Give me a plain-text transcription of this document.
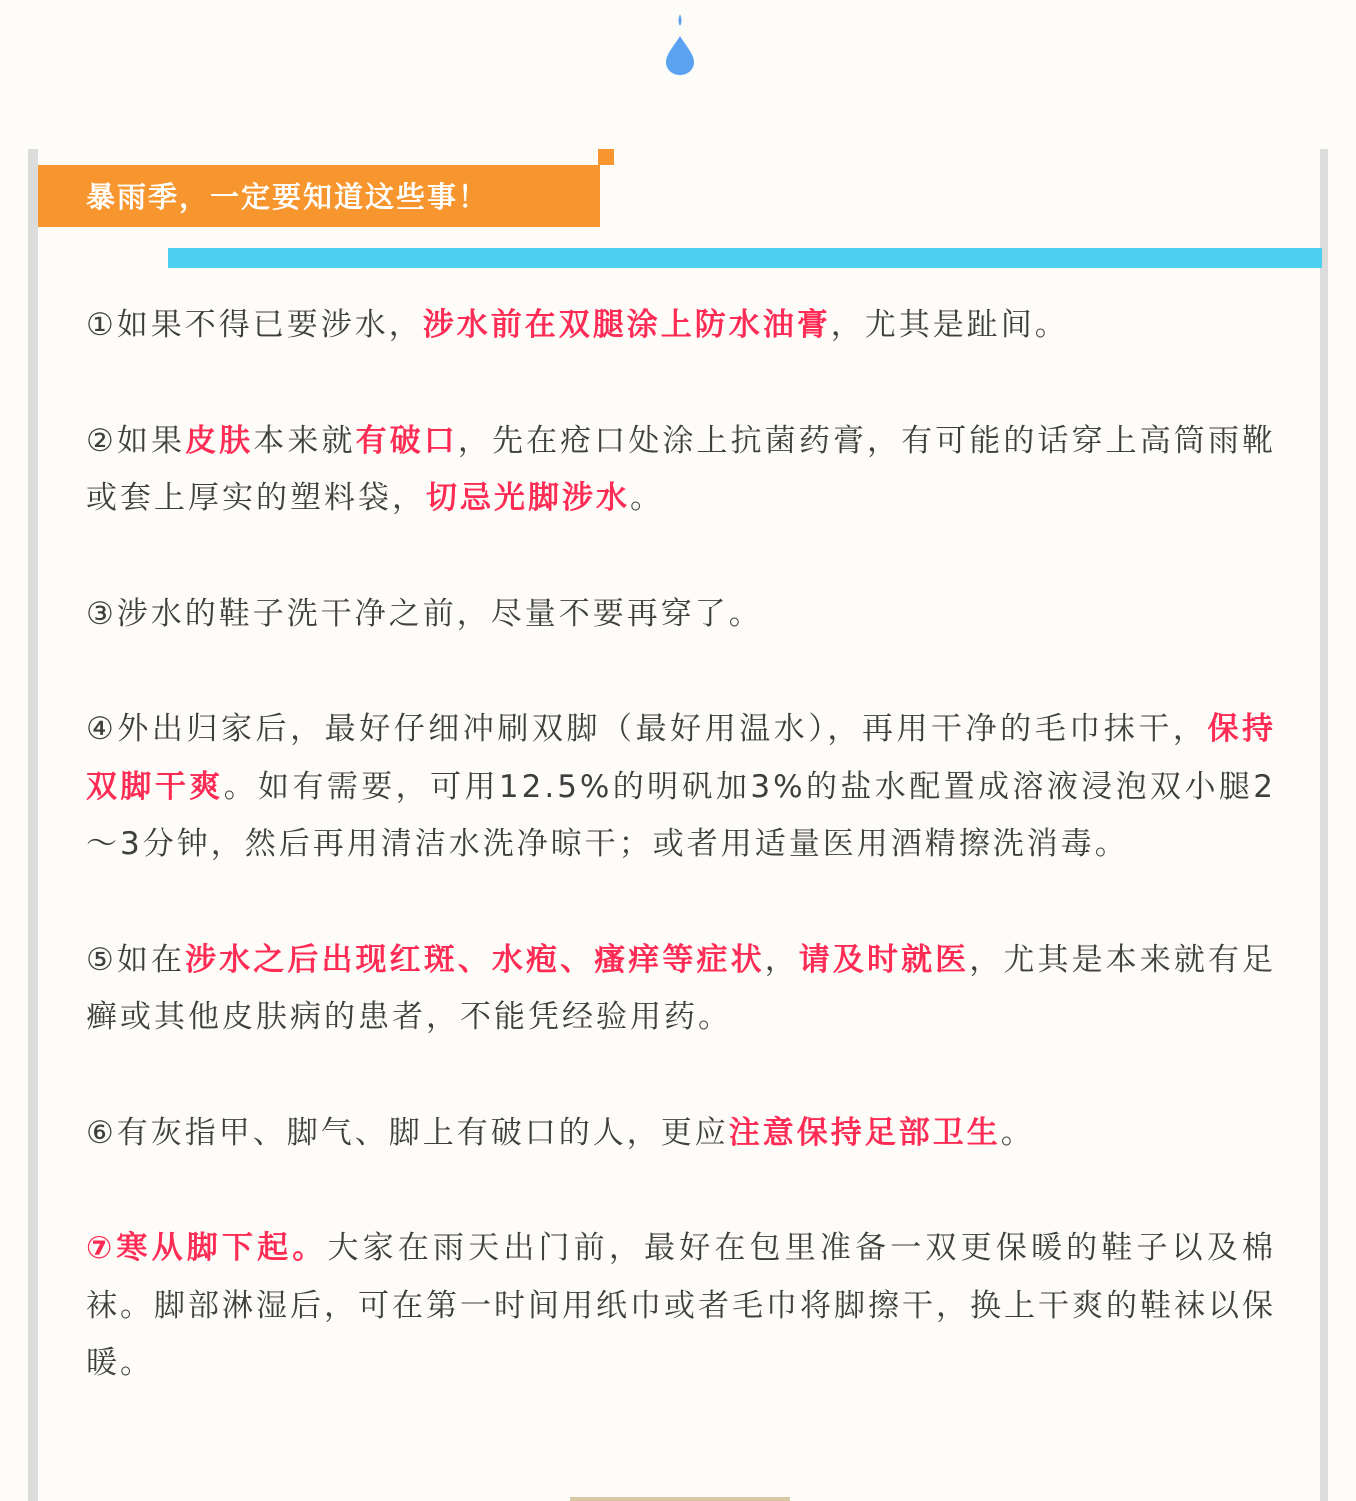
暴雨季，一定要知道这些事！

①如果不得已要涉水，涉水前在双腿涂上防水油膏，尤其是趾间。

②如果皮肤本来就有破口，先在疮口处涂上抗菌药膏，有可能的话穿上高筒雨靴或套上厚实的塑料袋，切忌光脚涉水。

③涉水的鞋子洗干净之前，尽量不要再穿了。

④外出归家后，最好仔细冲刷双脚（最好用温水），再用干净的毛巾抹干，保持双脚干爽。如有需要，可用12.5%的明矾加3%的盐水配置成溶液浸泡双小腿2～3分钟，然后再用清洁水洗净晾干；或者用适量医用酒精擦洗消毒。

⑤如在涉水之后出现红斑、水疱、瘙痒等症状，请及时就医，尤其是本来就有足癣或其他皮肤病的患者，不能凭经验用药。

⑥有灰指甲、脚气、脚上有破口的人，更应注意保持足部卫生。

⑦寒从脚下起。大家在雨天出门前，最好在包里准备一双更保暖的鞋子以及棉袜。脚部淋湿后，可在第一时间用纸巾或者毛巾将脚擦干，换上干爽的鞋袜以保暖。
